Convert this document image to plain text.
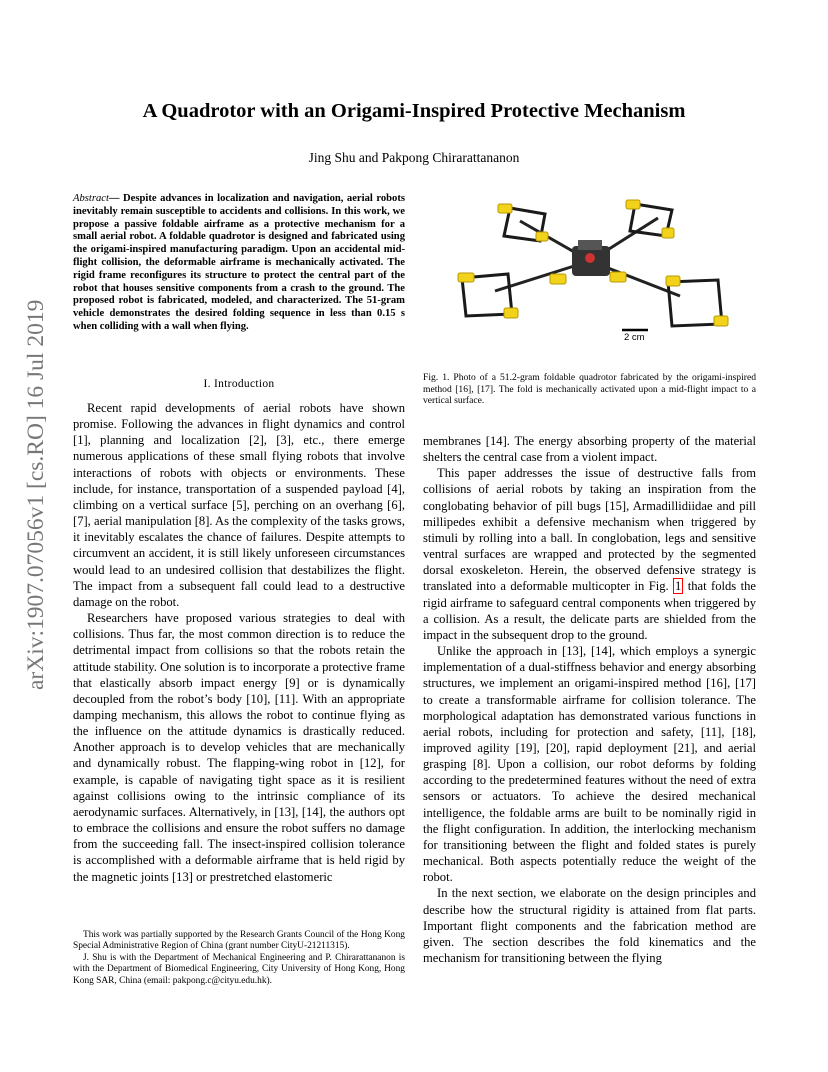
arXiv:1907.07056v1 [cs.RO] 16 Jul 2019
A Quadrotor with an Origami-Inspired Protective Mechanism
Jing Shu and Pakpong Chirarattananon
Abstract— Despite advances in localization and navigation, aerial robots inevitably remain susceptible to accidents and collisions. In this work, we propose a passive foldable airframe as a protective mechanism for a small aerial robot. A foldable quadrotor is designed and fabricated using the origami-inspired manufacturing paradigm. Upon an accidental mid-flight collision, the deformable airframe is mechanically activated. The rigid frame reconfigures its structure to protect the central part of the robot that houses sensitive components from a crash to the ground. The proposed robot is fabricated, modeled, and characterized. The 51-gram vehicle demonstrates the desired folding sequence in less than 0.15 s when colliding with a wall when flying.
I. Introduction

Recent rapid developments of aerial robots have shown promise. Following the advances in flight dynamics and control [1], planning and localization [2], [3], etc., there emerge numerous applications of these small flying robots that involve interactions of robots with objects or environments. These include, for instance, transportation of a suspended payload [4], climbing on a vertical surface [5], perching on an overhang [6], [7], aerial manipulation [8]. As the complexity of the tasks grows, it inevitably escalates the chance of failures. Despite attempts to circumvent an accident, it is still likely unforeseen circumstances would lead to an undesired collision that destabilizes the flight. The impact from a subsequent fall could lead to a destructive damage on the robot.

Researchers have proposed various strategies to deal with collisions. Thus far, the most common direction is to reduce the detrimental impact from collisions so that the robots retain the attitude stability. One solution is to incorporate a protective frame that elastically absorb impact energy [9] or is dynamically decoupled from the robot’s body [10], [11]. With an appropriate damping mechanism, this allows the robot to continue flying as the influence on the attitude dynamics is drastically reduced. Another approach is to develop vehicles that are mechanically and dynamically robust. The flapping-wing robot in [12], for example, is capable of navigating tight space as it is resilient against collisions owing to the intrinsic compliance of its aerodynamic surfaces. Alternatively, in [13], [14], the authors opt to embrace the collisions and ensure the robot suffers no damage from the succeeding fall. The insect-inspired collision tolerance is accomplished with a deformable airframe that is held rigid by the magnetic joints [13] or prestretched elastomeric

This work was partially supported by the Research Grants Council of the Hong Kong Special Administrative Region of China (grant number CityU-21211315).

J. Shu is with the Department of Mechanical Engineering and P. Chirarattananon is with the Department of Biomedical Engineering, City University of Hong Kong, Hong Kong SAR, China (email: pakpong.c@cityu.edu.hk).

2 cm
Fig. 1. Photo of a 51.2-gram foldable quadrotor fabricated by the origami-inspired method [16], [17]. The fold is mechanically activated upon a mid-flight impact to a vertical surface.

membranes [14]. The energy absorbing property of the material shelters the central case from a violent impact.

This paper addresses the issue of destructive falls from collisions of aerial robots by taking an inspiration from the conglobating behavior of pill bugs [15], Armadillidiidae and pill millipedes exhibit a defensive mechanism when triggered by stimuli by rolling into a ball. In conglobation, legs and sensitive ventral surfaces are wrapped and protected by the segmented dorsal exoskeleton. Herein, the observed defensive strategy is translated into a deformable multicopter in Fig. 1 that folds the rigid airframe to safeguard central components when triggered by a collision. As a result, the delicate parts are shielded from the impact in the subsequent drop to the ground.

Unlike the approach in [13], [14], which employs a synergic implementation of a dual-stiffness behavior and energy absorbing structures, we implement an origami-inspired method [16], [17] to create a transformable airframe for collision tolerance. The morphological adaptation has demonstrated various functions in aerial robots, including for protection and safety, [11], [18], improved agility [19], [20], rapid deployment [21], and aerial grasping [8]. Upon a collision, our robot deforms by folding according to the predetermined features without the need of extra sensors or actuators. To achieve the desired mechanical intelligence, the foldable arms are built to be nominally rigid in the flight configuration. In addition, the interlocking mechanism for transitioning between the flight and folded states is purely mechanical. Both aspects potentially reduce the weight of the robot.

In the next section, we elaborate on the design principles and describe how the structural rigidity is attained from flat parts. Important flight components and the fabrication method are given. The section describes the fold kinematics and the mechanism for transitioning between the flying
